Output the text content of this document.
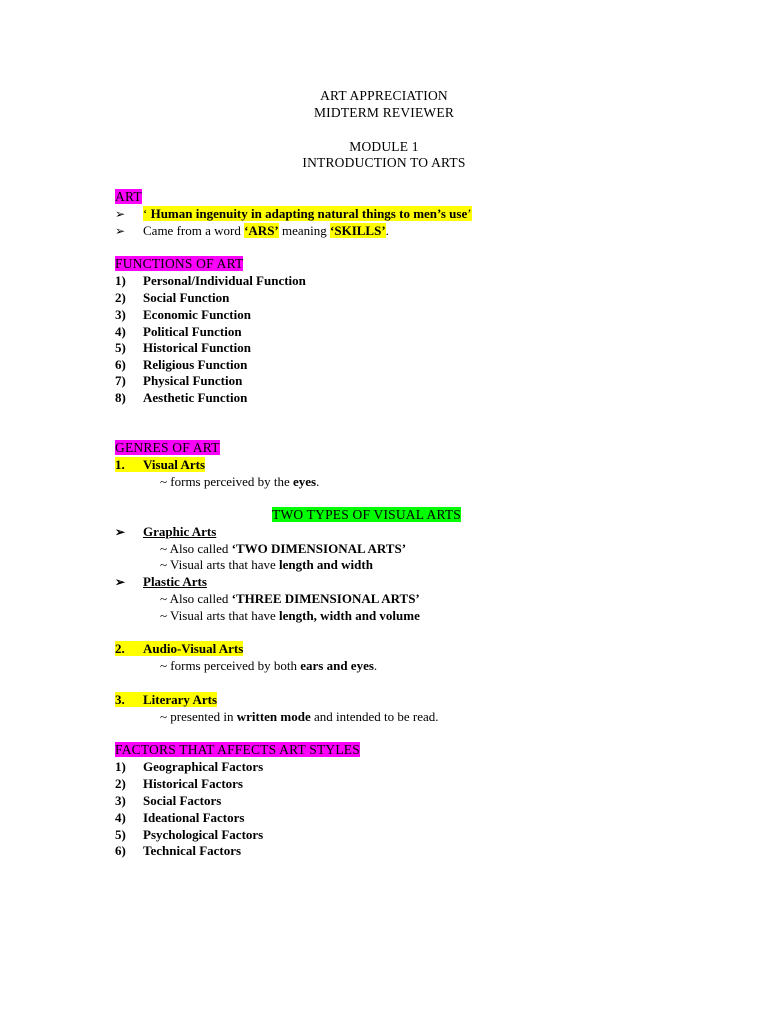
ART APPRECIATION
MIDTERM REVIEWER
MODULE 1
INTRODUCTION TO ARTS
ART
➢ ‘ Human ingenuity in adapting natural things to men’s use’
➢ Came from a word ‘ARS’ meaning ‘SKILLS’.
FUNCTIONS OF ART
1) Personal/Individual Function
2) Social Function
3) Economic Function
4) Political Function
5) Historical Function
6) Religious Function
7) Physical Function
8) Aesthetic Function
GENRES OF ART
1. Visual Arts
~ forms perceived by the eyes.
TWO TYPES OF VISUAL ARTS
➢ Graphic Arts
~ Also called ‘TWO DIMENSIONAL ARTS’
~ Visual arts that have length and width
➢ Plastic Arts
~ Also called ‘THREE DIMENSIONAL ARTS’
~ Visual arts that have length, width and volume
2. Audio-Visual Arts
~ forms perceived by both ears and eyes.
3. Literary Arts
~ presented in written mode and intended to be read.
FACTORS THAT AFFECTS ART STYLES
1) Geographical Factors
2) Historical Factors
3) Social Factors
4) Ideational Factors
5) Psychological Factors
6) Technical Factors
